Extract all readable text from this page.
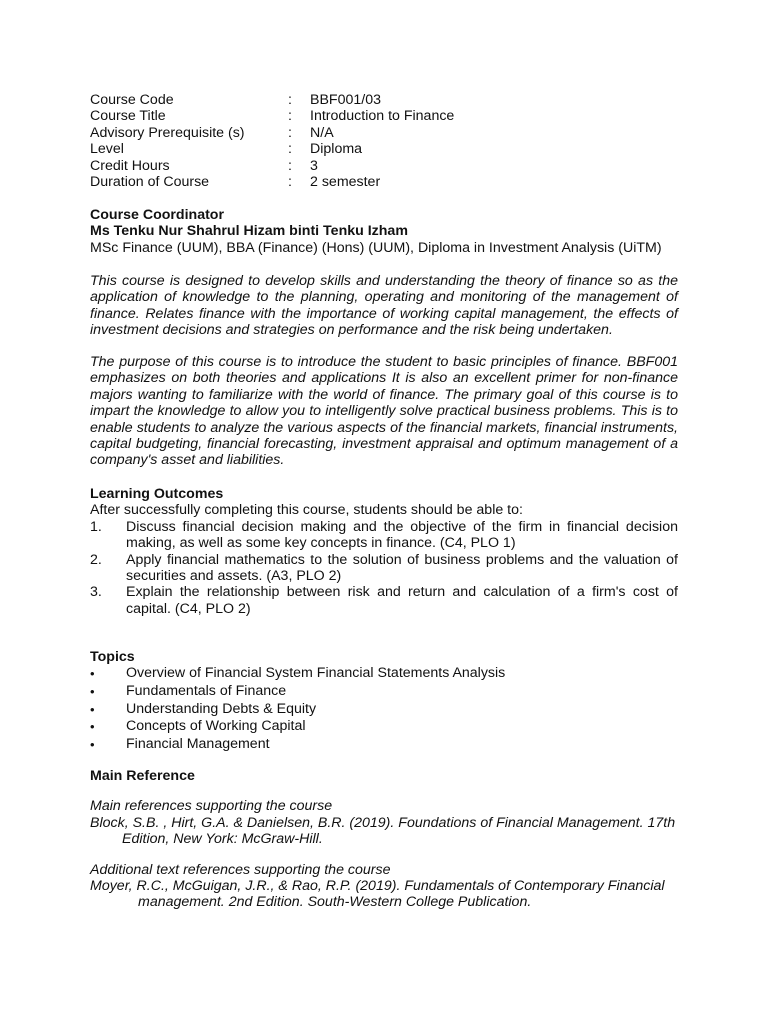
Course Code	:	BBF001/03
Course Title	:	Introduction to Finance
Advisory Prerequisite (s)	:	N/A
Level	:	Diploma
Credit Hours	:	3
Duration of Course	:	2 semester
Course Coordinator
Ms Tenku Nur Shahrul Hizam binti Tenku Izham
MSc Finance (UUM), BBA (Finance) (Hons) (UUM), Diploma in Investment Analysis (UiTM)

This course is designed to develop skills and understanding the theory of finance so as the application of knowledge to the planning, operating and monitoring of the management of finance. Relates finance with the importance of working capital management, the effects of investment decisions and strategies on performance and the risk being undertaken.

The purpose of this course is to introduce the student to basic principles of finance. BBF001 emphasizes on both theories and applications It is also an excellent primer for non-finance majors wanting to familiarize with the world of finance. The primary goal of this course is to impart the knowledge to allow you to intelligently solve practical business problems. This is to enable students to analyze the various aspects of the financial markets, financial instruments, capital budgeting, financial forecasting, investment appraisal and optimum management of a company's asset and liabilities.

Learning Outcomes
After successfully completing this course, students should be able to:
1.	Discuss financial decision making and the objective of the firm in financial decision making, as well as some key concepts in finance. (C4, PLO 1)
2.	Apply financial mathematics to the solution of business problems and the valuation of securities and assets. (A3, PLO 2)
3.	Explain the relationship between risk and return and calculation of a firm's cost of capital. (C4, PLO 2)
Topics
•	Overview of Financial System Financial Statements Analysis
•	Fundamentals of Finance
•	Understanding Debts & Equity
•	Concepts of Working Capital
•	Financial Management
Main Reference
Main references supporting the course
Block, S.B. , Hirt, G.A. & Danielsen, B.R. (2019). Foundations of Financial Management. 17th Edition, New York: McGraw-Hill.
Additional text references supporting the course
Moyer, R.C., McGuigan, J.R., & Rao, R.P. (2019). Fundamentals of Contemporary Financial management. 2nd Edition. South-Western College Publication.
